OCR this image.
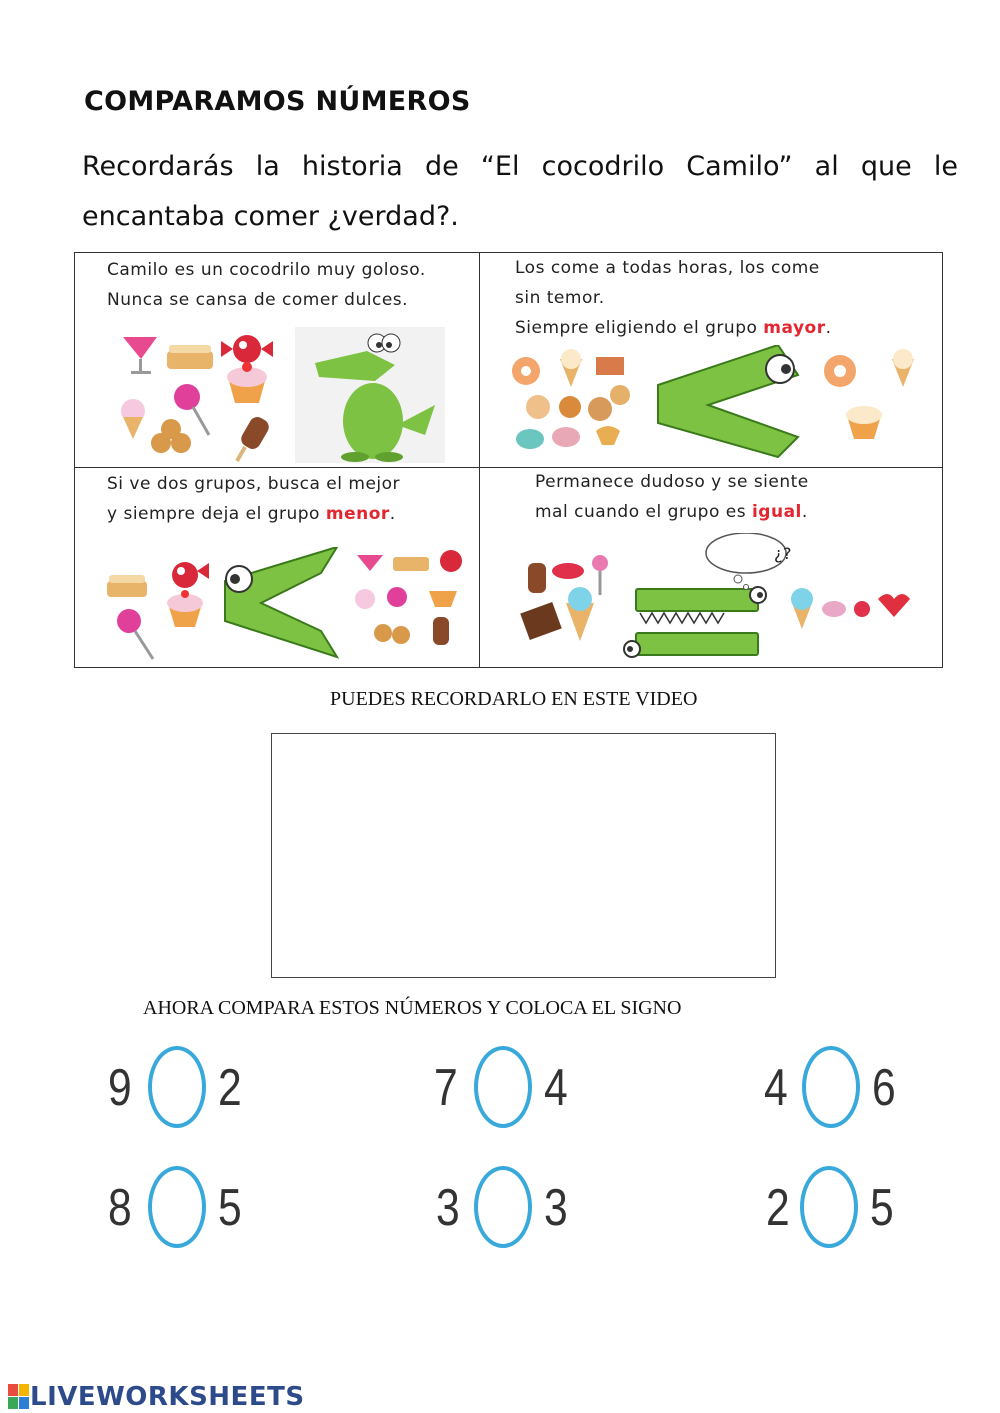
COMPARAMOS NÚMEROS
Recordarás la historia de “El cocodrilo Camilo” al que le encantaba comer ¿verdad?.
Camilo es un cocodrilo muy goloso.
Nunca se cansa de comer dulces.
Los come a todas horas, los come
sin temor.
Siempre eligiendo el grupo mayor.
Si ve dos grupos, busca el mejor
y siempre deja el grupo menor.
Permanece dudoso y se siente
mal cuando el grupo es igual.
¿?
PUEDES RECORDARLO EN ESTE VIDEO
AHORA COMPARA ESTOS NÚMEROS Y COLOCA EL SIGNO
9 2	7 4	4 6
8 5	3 3	2 5
LIVEWORKSHEETS
